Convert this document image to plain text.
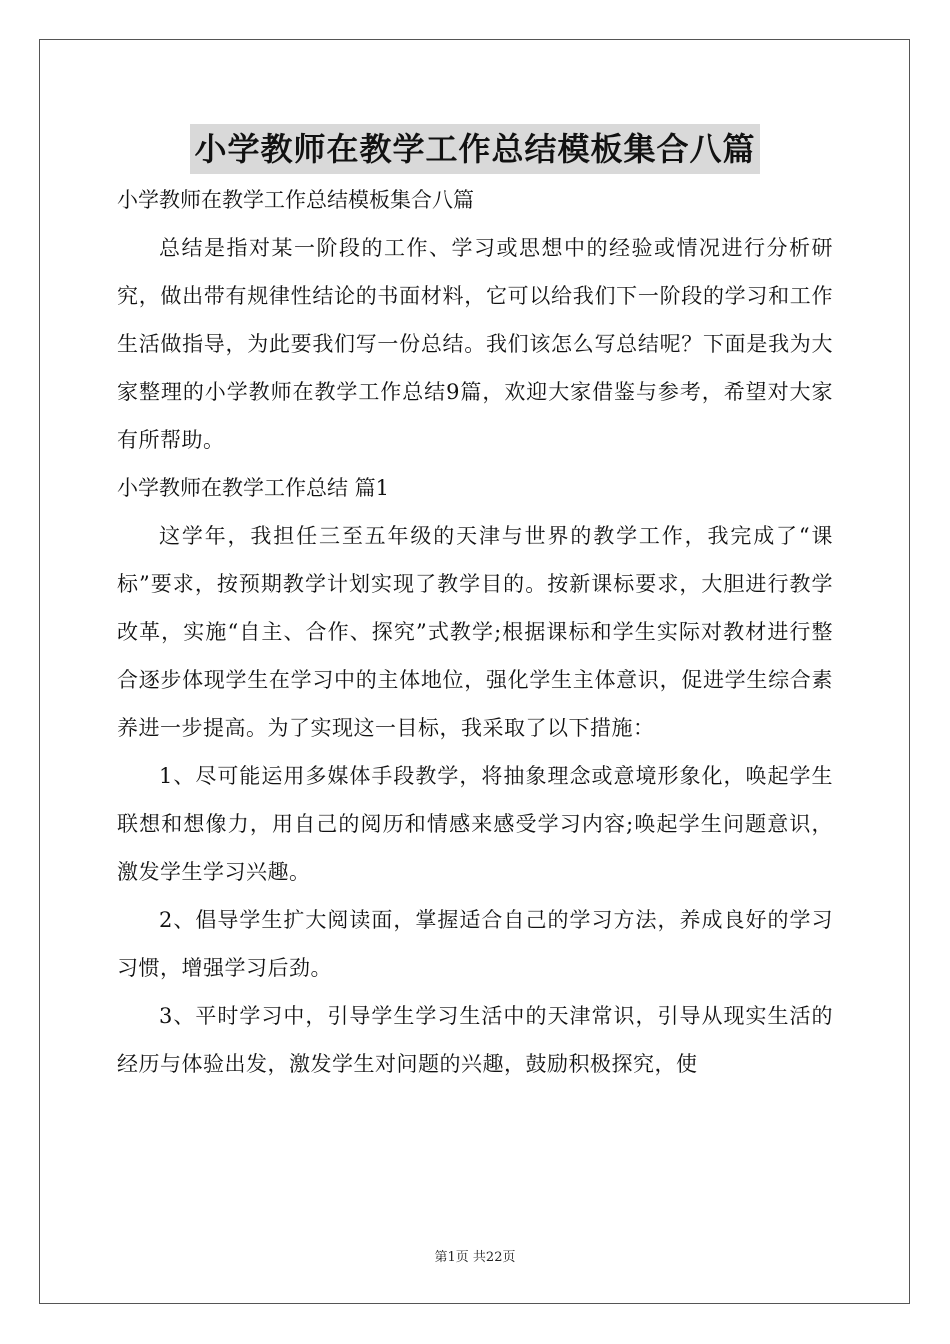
小学教师在教学工作总结模板集合八篇

小学教师在教学工作总结模板集合八篇

总结是指对某一阶段的工作、学习或思想中的经验或情况进行分析研究，做出带有规律性结论的书面材料，它可以给我们下一阶段的学习和工作生活做指导，为此要我们写一份总结。我们该怎么写总结呢？下面是我为大家整理的小学教师在教学工作总结9篇，欢迎大家借鉴与参考，希望对大家有所帮助。

小学教师在教学工作总结 篇1

这学年，我担任三至五年级的天津与世界的教学工作，我完成了“课标”要求，按预期教学计划实现了教学目的。按新课标要求，大胆进行教学改革，实施“自主、合作、探究”式教学;根据课标和学生实际对教材进行整合逐步体现学生在学习中的主体地位，强化学生主体意识，促进学生综合素养进一步提高。为了实现这一目标，我采取了以下措施：

1、尽可能运用多媒体手段教学，将抽象理念或意境形象化，唤起学生联想和想像力，用自己的阅历和情感来感受学习内容;唤起学生问题意识，激发学生学习兴趣。

2、倡导学生扩大阅读面，掌握适合自己的学习方法，养成良好的学习习惯，增强学习后劲。

3、平时学习中，引导学生学习生活中的天津常识，引导从现实生活的经历与体验出发，激发学生对问题的兴趣，鼓励积极探究，使

第1页 共22页
